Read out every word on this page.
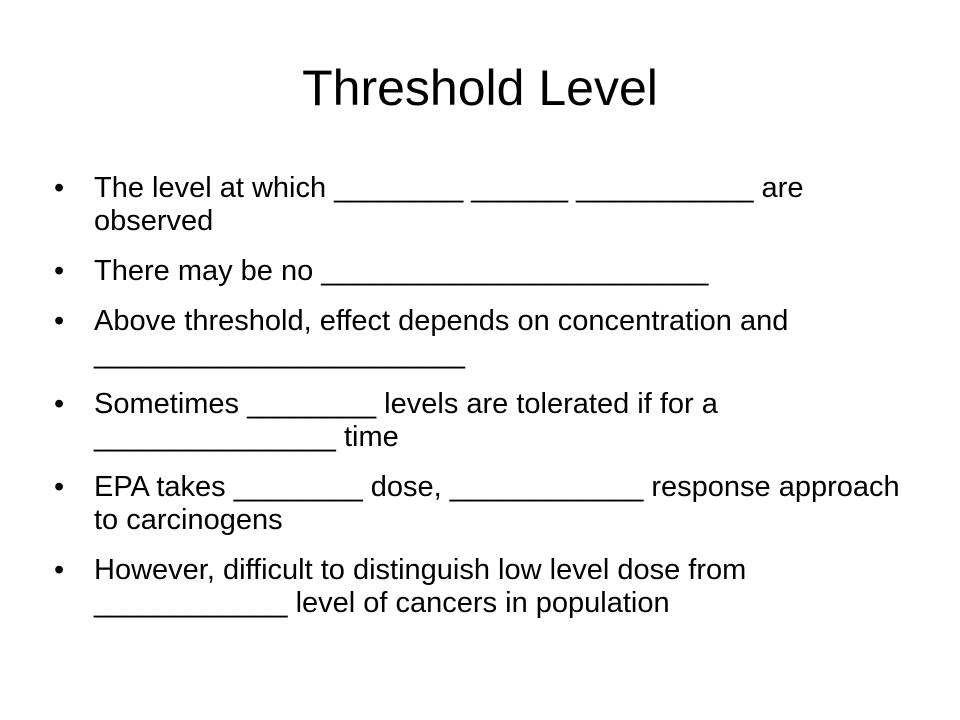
Threshold Level
•	The level at which ________ ______ ___________ are observed
•	There may be no ________________________
•	Above threshold, effect depends on concentration and _______________________
•	Sometimes ________ levels are tolerated if for a _______________ time
•	EPA takes ________ dose, ____________ response approach to carcinogens
•	However, difficult to distinguish low level dose from ____________ level of cancers in population
